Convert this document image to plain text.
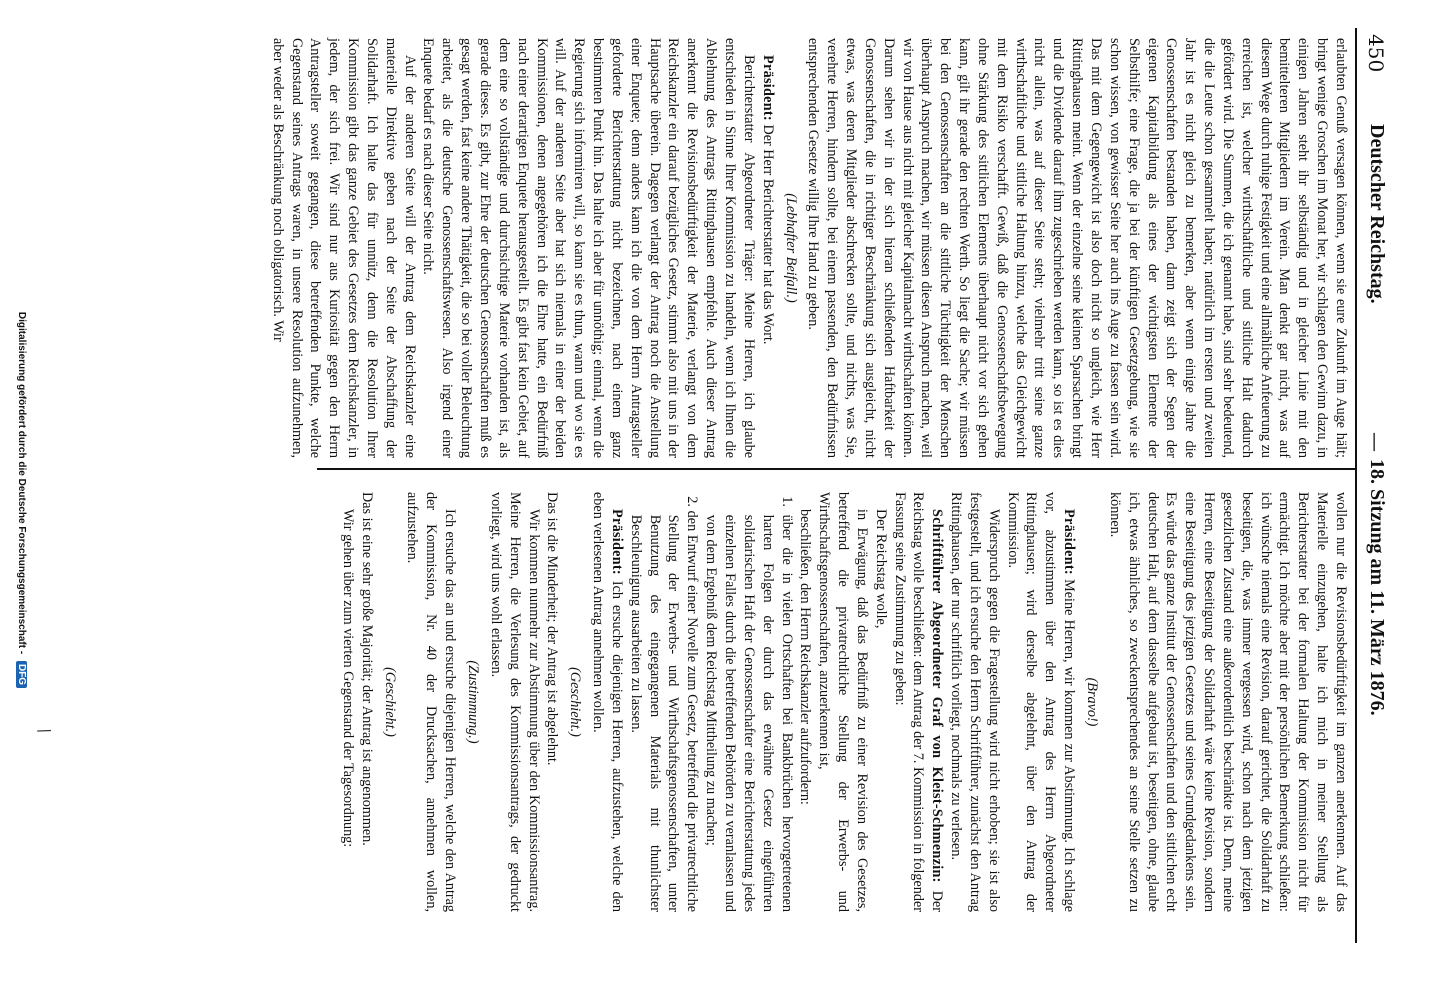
450
Deutscher Reichstag.
—
18. Sitzung am 11. März 1876.

erlaubten Genuß versagen können, wenn sie eure Zukunft im Auge hält; bringt wenige Groschen im Monat her, wir schlagen den Gewinn dazu, in einigen Jahren steht ihr selbständig und in gleicher Linie mit den bemittelteren Mitgliedern im Verein. Man denkt gar nicht, was auf diesem Wege durch ruhige Festigkeit und eine allmähliche Anfeuerung zu erreichen ist, welcher wirthschaftliche und sittliche Halt dadurch gefördert wird. Die Summen, die ich genannt habe, sind sehr bedeutend, die die Leute schon gesammelt haben; natürlich im ersten und zweiten Jahr ist es nicht gleich zu bemerken, aber wenn einige Jahre die Genossenschaften bestanden haben, dann zeigt sich der Segen der eigenen Kapitalbildung als eines der wichtigsten Elemente der Selbsthilfe; eine Frage, die ja bei der künftigen Gesetzgebung, wie sie schon wissen, von gewisser Seite her auch ins Auge zu fassen sein wird. Das mit dem Gegengewicht ist also doch nicht so ungleich, wie Herr Rittinghausen meint. Wenn der einzelne seine kleinen Sparsachen bringt und die Dividende darauf ihm zugeschrieben werden kann, so ist es dies nicht allein, was auf dieser Seite steht; vielmehr tritt seine ganze wirthschaftliche und sittliche Haltung hinzu, welche das Gleichgewicht mit dem Risiko verschafft. Gewiß, daß die Genossenschaftsbewegung ohne Stärkung des sittlichen Elements überhaupt nicht vor sich gehen kann, gilt ihr gerade den rechten Werth. So liegt die Sache; wir müssen bei den Genossenschaften an die sittliche Tüchtigkeit der Menschen überhaupt Anspruch machen, wir müssen diesen Anspruch machen, weil wir von Hause aus nicht mit gleicher Kapitalmacht wirthschaften können. Darum sehen wir in der sich hieran schließenden Haftbarkeit der Genossenschaften, die in richtiger Beschränkung sich ausgleicht, nicht etwas, was deren Mitglieder abschrecken sollte, und nichts, was Sie, verehrte Herren, hindern sollte, bei einem passenden, den Bedürfnissen entsprechenden Gesetze willig Ihre Hand zu geben.

(Lebhafter Beifall.)

Präsident: Der Herr Berichterstatter hat das Wort.

Berichterstatter Abgeordneter Träger: Meine Herren, ich glaube entschieden in Sinne Ihrer Kommission zu handeln, wenn ich Ihnen die Ablehnung des Antrags Rittinghausen empfehle. Auch dieser Antrag anerkennt die Revisionsbedürftigkeit der Materie, verlangt von dem Reichskanzler ein darauf bezügliches Gesetz, stimmt also mit uns in der Hauptsache überein. Dagegen verlangt der Antrag noch die Anstellung einer Enquete; denn anders kann ich die von dem Herrn Antragsteller geforderte Berichterstattung nicht bezeichnen, nach einem ganz bestimmten Punkt hin. Das halte ich aber für unnöthig; einmal, wenn die Regierung sich informiren will, so kann sie es thun, wann und wo sie es will. Auf der anderen Seite aber hat sich niemals in einer der beiden Kommissionen, denen angegehören ich die Ehre hatte, ein Bedürfniß nach einer derartigen Enquete herausgestellt. Es gibt fast kein Gebiet, auf dem eine so vollständige und durchsichtige Materie vorhanden ist, als gerade dieses. Es gibt, zur Ehre der deutschen Genossenschaften muß es gesagt werden, fast keine andere Thätigkeit, die so bei voller Beleuchtung arbeitet, als die deutsche Genossenschaftswesen. Also irgend einer Enquete bedarf es nach dieser Seite nicht.

Auf der anderen Seite will der Antrag dem Reichskanzler eine materielle Direktive geben nach der Seite der Abschaffung der Solidarhaft. Ich halte das für unnütz, denn die Resolution Ihrer Kommission gibt das ganze Gebiet des Gesetzes dem Reichskanzler, in jedem, der sich frei. Wir sind nur aus Kuriosität gegen den Herrn Antragsteller soweit gegangen, diese betreffenden Punkte, welche Gegenstand seines Antrags waren, in unsere Resolution aufzunehmen, aber weder als Beschränkung noch obligatorisch. Wir

wollen nur die Revisionsbedürftigkeit im ganzen anerkennen. Auf das Materielle einzugehen, halte ich mich in meiner Stellung als Berichterstatter bei der formalen Haltung der Kommission nicht für ermächtigt. Ich möchte aber mit der persönlichen Bemerkung schließen: ich wünsche niemals eine Revision, darauf gerichtet, die Solidarhaft zu beseitigen, die, was immer vergessen wird, schon nach dem jetzigen gesetzlichen Zustand eine außerordentlich beschränkte ist. Denn, meine Herren, eine Beseitigung der Solidarhaft wäre keine Revision, sondern eine Beseitigung des jetzigen Gesetzes und seines Grundgedankens sein. Es würde das ganze Institut der Genossenschaften und den sittlichen echt deutschen Halt, auf dem dasselbe aufgebaut ist, beseitigen, ohne, glaube ich, etwas ähnliches, so zweckentsprechendes an seine Stelle setzen zu können.

(Bravo!)

Präsident: Meine Herren, wir kommen zur Abstimmung. Ich schlage vor, abzustimmen über den Antrag des Herrn Abgeordneter Rittinghausen; wird derselbe abgelehnt, über den Antrag der Kommission.

Widerspruch gegen die Fragestellung wird nicht erhoben; sie ist also festgestellt, und ich ersuche den Herrn Schriftführer, zunächst den Antrag Rittinghausen, der nur schriftlich vorliegt, nochmals zu verlesen.

Schriftführer Abgeordneter Graf von Kleist-Schmenzin: Der Reichstag wolle beschließen: dem Antrag der 7. Kommission in folgender Fassung seine Zustimmung zu geben:

Der Reichstag wolle,

in Erwägung, daß das Bedürfniß zu einer Revision des Gesetzes, betreffend die privatrechtliche Stellung der Erwerbs- und Wirthschaftsgenossenschaften, anzuerkennen ist,

beschließen, den Herrn Reichskanzler aufzufordern:

1. über die in vielen Ortschaften bei Bankbrüchen hervorgetretenen harten Folgen der durch das erwähnte Gesetz eingeführten solidarischen Haft der Genossenschafter eine Berichterstattung jedes einzelnen Falles durch die betreffenden Behörden zu veranlassen und von dem Ergebniß dem Reichstag Mittheilung zu machen;

2. den Entwurf einer Novelle zum Gesetz, betreffend die privatrechtliche Stellung der Erwerbs- und Wirthschaftsgenossenschaften, unter Benutzung des eingegangenen Materials mit thunlichster Beschleunigung ausarbeiten zu lassen.

Präsident: Ich ersuche diejenigen Herren, aufzustehen, welche den eben verlesenen Antrag annehmen wollen.

(Geschieht.)

Das ist die Minderheit; der Antrag ist abgelehnt.

Wir kommen nunmehr zur Abstimmung über den Kommissionsantrag. Meine Herren, die Verlesung des Kommissionsantrags, der gedruckt vorliegt, wird uns wohl erlassen.

(Zustimmung.)

Ich ersuche das an und ersuche diejenigen Herren, welche den Antrag der Kommission, Nr. 40 der Drucksachen, annehmen wollen, aufzustehen.

(Geschieht.)

Das ist eine sehr große Majorität; der Antrag ist angenommen.

Wir gehen über zum vierten Gegenstand der Tagesordnung:

/
Digitalisierung gefördert durch die Deutsche Forschungsgemeinschaft - DFG
